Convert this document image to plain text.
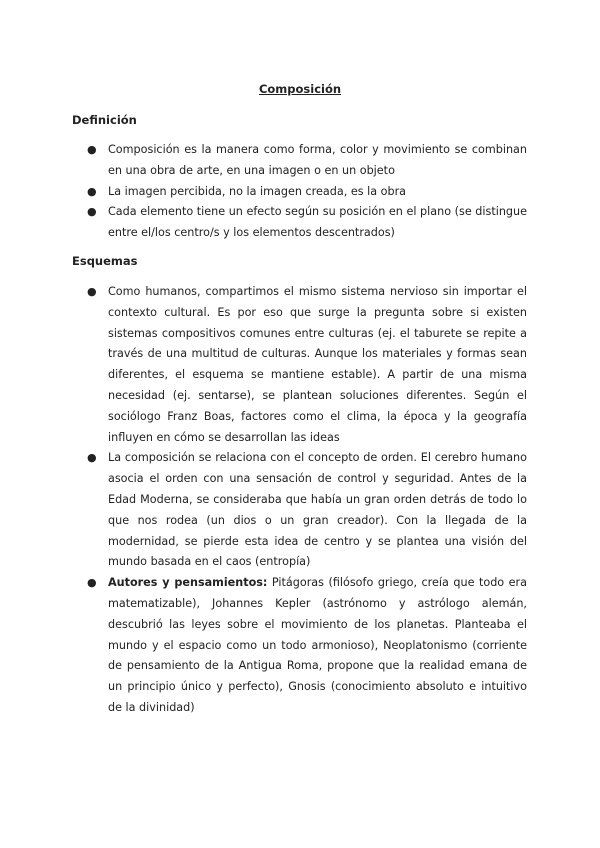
Composición
Definición
● Composición es la manera como forma, color y movimiento se combinan en una obra de arte, en una imagen o en un objeto
● La imagen percibida, no la imagen creada, es la obra
● Cada elemento tiene un efecto según su posición en el plano (se distingue entre el/los centro/s y los elementos descentrados)
Esquemas
● Como humanos, compartimos el mismo sistema nervioso sin importar el contexto cultural. Es por eso que surge la pregunta sobre si existen sistemas compositivos comunes entre culturas (ej. el taburete se repite a través de una multitud de culturas. Aunque los materiales y formas sean diferentes, el esquema se mantiene estable). A partir de una misma necesidad (ej. sentarse), se plantean soluciones diferentes. Según el sociólogo Franz Boas, factores como el clima, la época y la geografía influyen en cómo se desarrollan las ideas
● La composición se relaciona con el concepto de orden. El cerebro humano asocia el orden con una sensación de control y seguridad. Antes de la Edad Moderna, se consideraba que había un gran orden detrás de todo lo que nos rodea (un dios o un gran creador). Con la llegada de la modernidad, se pierde esta idea de centro y se plantea una visión del mundo basada en el caos (entropía)
● Autores y pensamientos: Pitágoras (filósofo griego, creía que todo era matematizable), Johannes Kepler (astrónomo y astrólogo alemán, descubrió las leyes sobre el movimiento de los planetas. Planteaba el mundo y el espacio como un todo armonioso), Neoplatonismo (corriente de pensamiento de la Antigua Roma, propone que la realidad emana de un principio único y perfecto), Gnosis (conocimiento absoluto e intuitivo de la divinidad)
